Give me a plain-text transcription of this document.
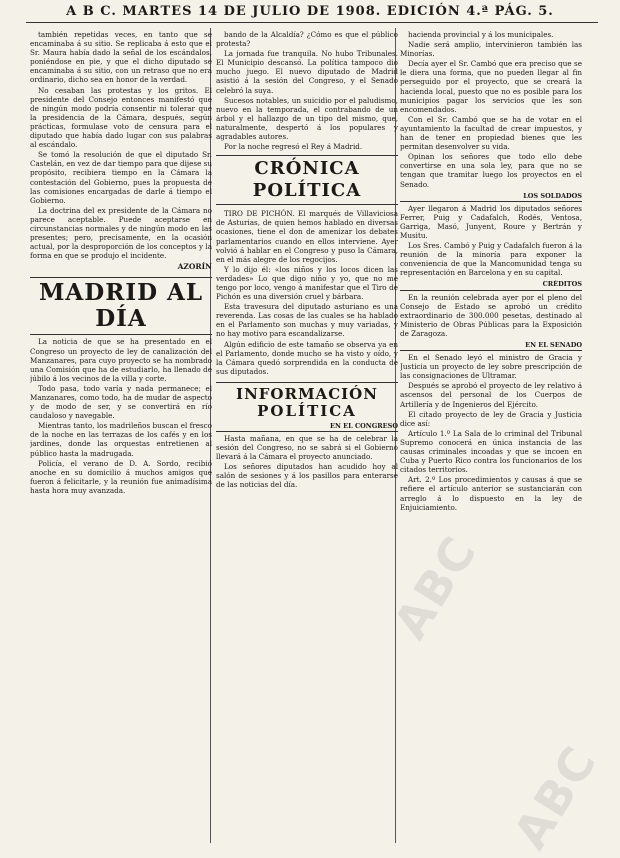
A B C. MARTES 14 DE JULIO DE 1908. EDICIÓN 4.ª PÁG. 5.

también repetidas veces, en tanto que se encaminaba á su sitio. Se replicaba á esto que el Sr. Maura había dado la señal de los escándalos, poniéndose en pie, y que el dicho diputado se encaminaba á su sitio, con un retraso que no era ordinario, dicho sea en honor de la verdad.

No cesaban las protestas y los gritos. El presidente del Consejo entonces manifestó que de ningún modo podría consentir ni tolerar que la presidencia de la Cámara, después, según prácticas, formulase voto de censura para el diputado que había dado lugar con sus palabras al escándalo.

Se tomó la resolución de que el diputado Sr. Castelán, en vez de dar tiempo para que dijese su propósito, recibiera tiempo en la Cámara la contestación del Gobierno, pues la propuesta de las comisiones encargadas de darle á tiempo el Gobierno.

La doctrina del ex presidente de la Cámara no parece aceptable. Puede aceptarse en circunstancias normales y de ningún modo en las presentes; pero, precisamente, en la ocasión actual, por la desproporción de los conceptos y la forma en que se produjo el incidente.

AZORÍN
MADRID AL DÍA

La noticia de que se ha presentado en el Congreso un proyecto de ley de canalización del Manzanares, para cuyo proyecto se ha nombrado una Comisión que ha de estudiarlo, ha llenado de júbilo á los vecinos de la villa y corte.

Todo pasa, todo varía y nada permanece; el Manzanares, como todo, ha de mudar de aspecto y de modo de ser, y se convertirá en río caudaloso y navegable.

Mientras tanto, los madrileños buscan el fresco de la noche en las terrazas de los cafés y en los jardines, donde las orquestas entretienen al público hasta la madrugada.

Policía, el verano de D. A. Sordo, recibió anoche en su domicilio á muchos amigos que fueron á felicitarle, y la reunión fue animadísima hasta hora muy avanzada.

bando de la Alcaldía? ¿Cómo es que el público protesta?

La jornada fue tranquila. No hubo Tribunales. El Municipio descansó. La política tampoco dio mucho juego. El nuevo diputado de Madrid asistió á la sesión del Congreso, y el Senado celebró la suya.

Sucesos notables, un suicidio por el paludismo, nuevo en la temporada, el contrabando de un árbol y el hallazgo de un tipo del mismo, que, naturalmente, despertó á los populares y agradables autores.

Por la noche regresó el Rey á Madrid.

CRÓNICA POLÍTICA

TIRO DE PICHÓN. El marqués de Villaviciosa de Asturias, de quien hemos hablado en diversas ocasiones, tiene el don de amenizar los debates parlamentarios cuando en ellos interviene. Ayer volvió á hablar en el Congreso y puso la Cámara, en el más alegre de los regocijos.

Y lo dijo él: «los niños y los locos dicen las verdades» Lo que digo niño y yo, que no me tengo por loco, vengo á manifestar que el Tiro de Pichón es una diversión cruel y bárbara.

Esta travesura del diputado asturiano es una reverenda. Las cosas de las cuales se ha hablado en el Parlamento son muchas y muy variadas, y no hay motivo para escandalizarse.

Algún edificio de este tamaño se observa ya en el Parlamento, donde mucho se ha visto y oído, y la Cámara quedó sorprendida en la conducta de sus diputados.

INFORMACIÓN
POLÍTICA
EN EL CONGRESO

Hasta mañana, en que se ha de celebrar la sesión del Congreso, no se sabrá si el Gobierno llevará á la Cámara el proyecto anunciado.

Los señores diputados han acudido hoy al salón de sesiones y á los pasillos para enterarse de las noticias del día.

hacienda provincial y á los municipales.

Nadie será amplio, intervinieron también las Minorías.

Decía ayer el Sr. Cambó que era preciso que se le diera una forma, que no pueden llegar al fin perseguido por el proyecto, que se creará la hacienda local, puesto que no es posible para los municipios pagar los servicios que les son encomendados.

Con el Sr. Cambó que se ha de votar en el ayuntamiento la facultad de crear impuestos, y han de tener en propiedad bienes que les permitan desenvolver su vida.

Opinan los señores que todo ello debe convertirse en una sola ley, para que no se tengan que tramitar luego los proyectos en el Senado.

LOS SOLDADOS

Ayer llegaron á Madrid los diputados señores Ferrer, Puig y Cadafalch, Rodés, Ventosa, Garriga, Masó, Junyent, Roure y Bertrán y Musitu.

Los Sres. Cambó y Puig y Cadafalch fueron á la reunión de la minoría para exponer la conveniencia de que la Mancomunidad tenga su representación en Barcelona y en su capital.

CRÉDITOS

En la reunión celebrada ayer por el pleno del Consejo de Estado se aprobó un crédito extraordinario de 300.000 pesetas, destinado al Ministerio de Obras Públicas para la Exposición de Zaragoza.

EN EL SENADO

En el Senado leyó el ministro de Gracia y Justicia un proyecto de ley sobre prescripción de las consignaciones de Ultramar.

Después se aprobó el proyecto de ley relativo á ascensos del personal de los Cuerpos de Artillería y de Ingenieros del Ejército.

El citado proyecto de ley de Gracia y Justicia dice así:

Artículo 1.º La Sala de lo criminal del Tribunal Supremo conocerá en única instancia de las causas criminales incoadas y que se incoen en Cuba y Puerto Rico contra los funcionarios de los citados territorios.

Art. 2.º Los procedimientos y causas á que se refiere el artículo anterior se sustanciarán con arreglo á lo dispuesto en la ley de Enjuiciamiento.

ABC
ABC
